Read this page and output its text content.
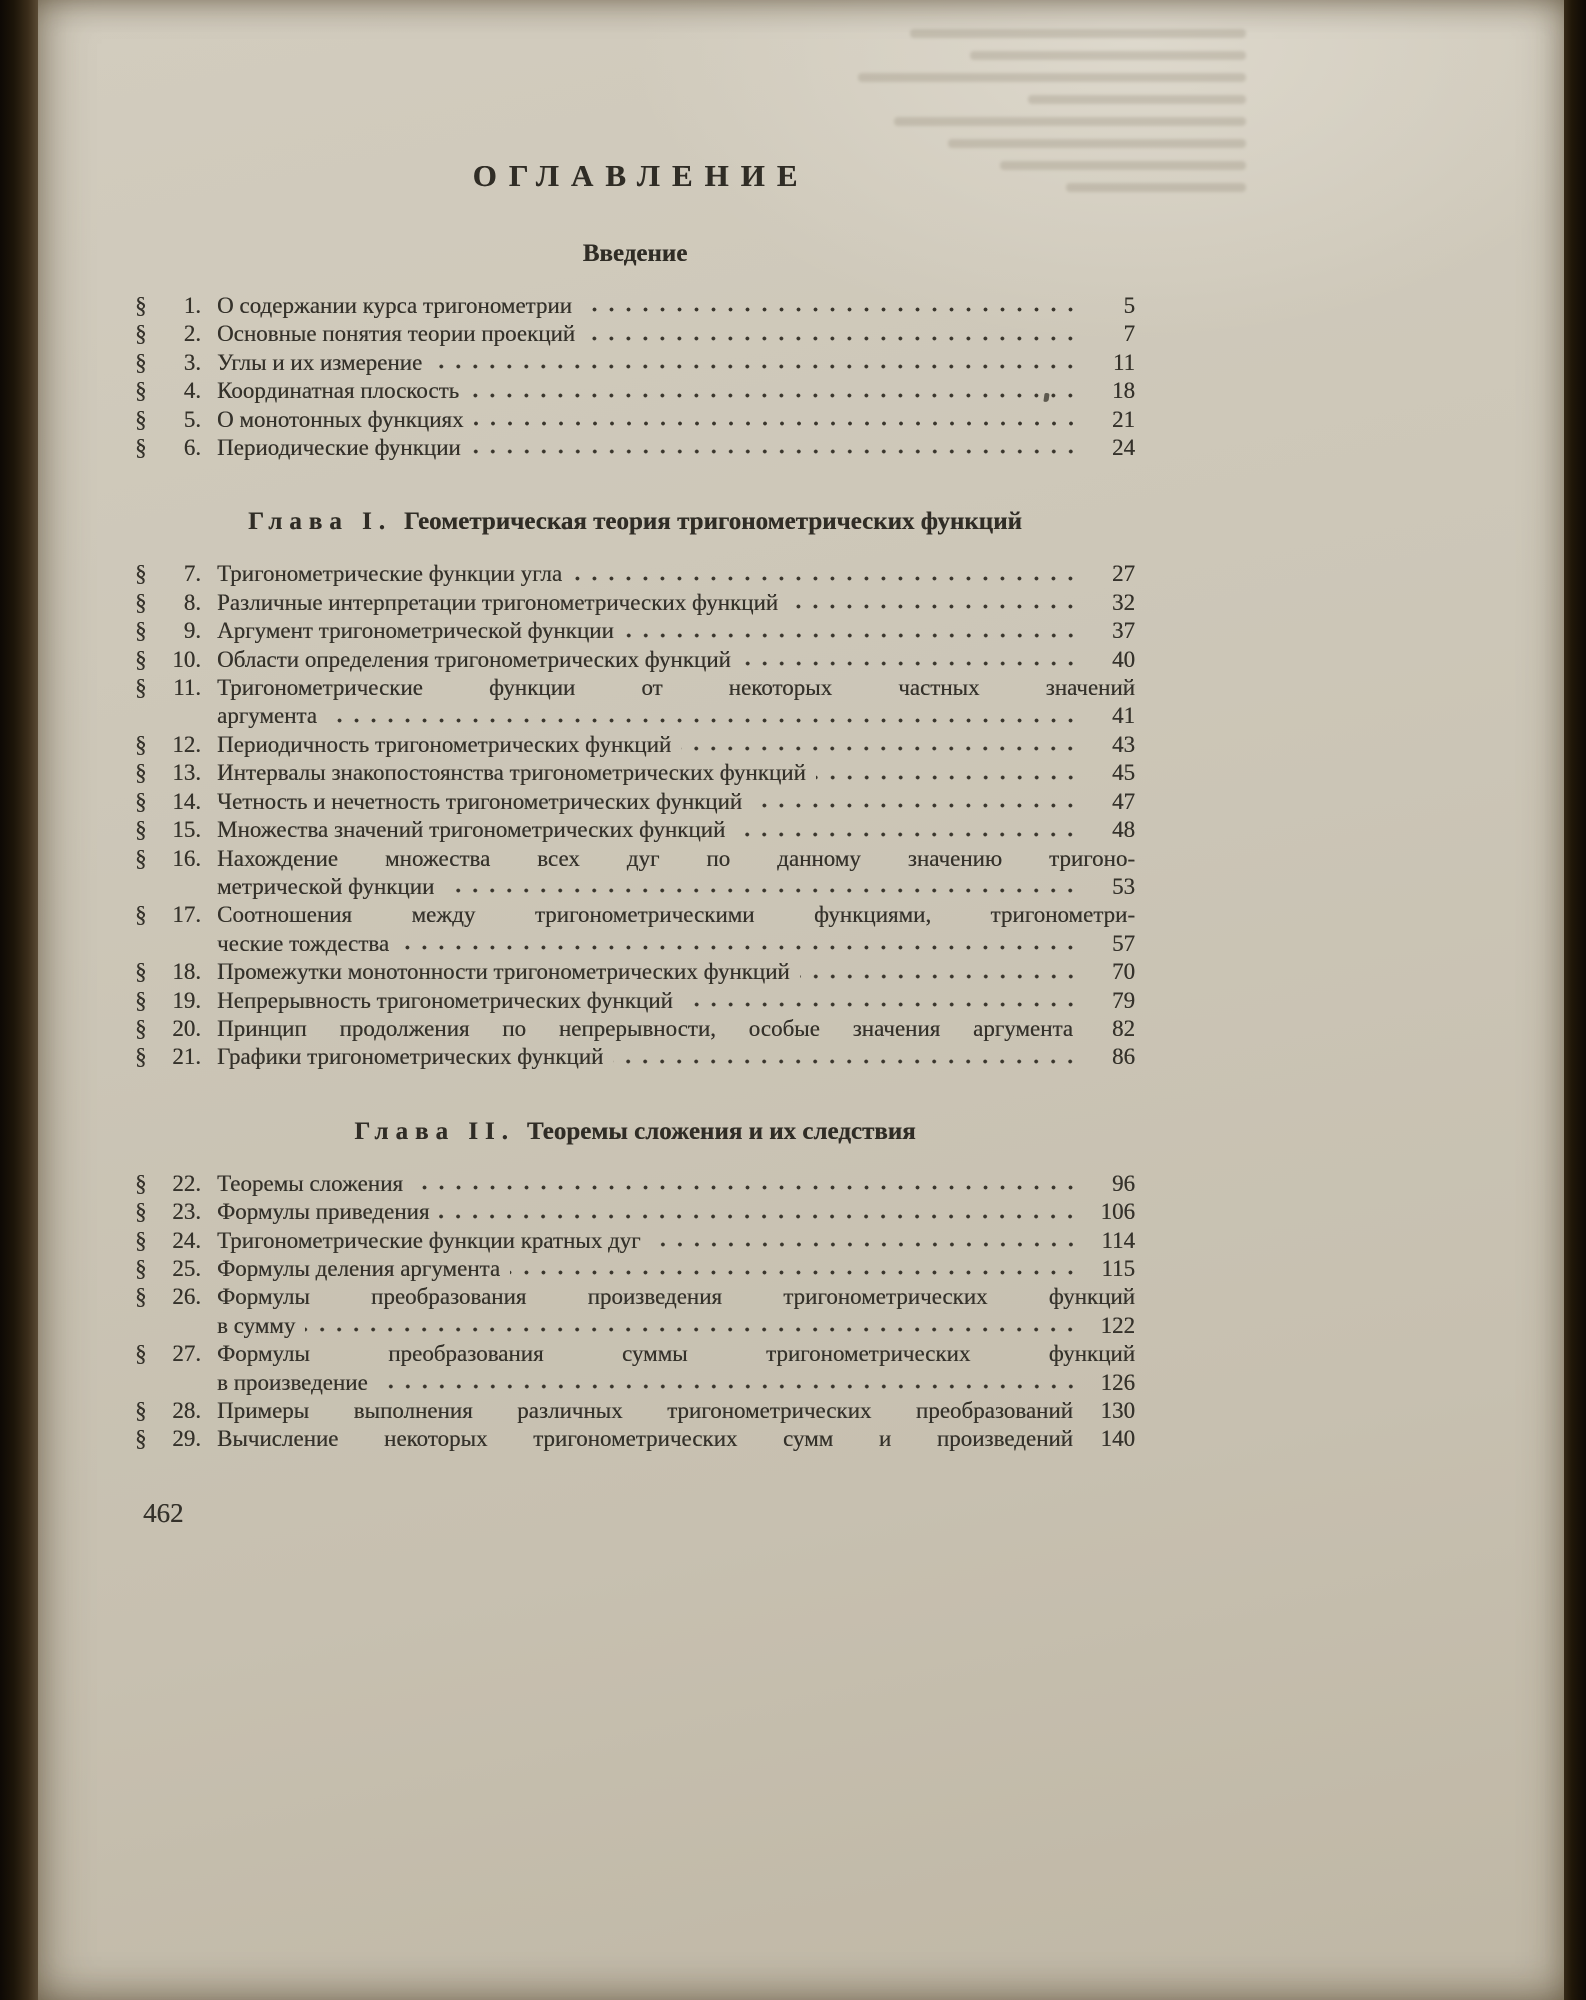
ОГЛАВЛЕНИЕ
Введение
§	1. О содержании курса тригонометрии	5
§	2. Основные понятия теории проекций	7
§	3. Углы и их измерение	11
§	4. Координатная плоскость	18
§	5. О монотонных функциях	21
§	6. Периодические функции	24
Глава I. Геометрическая теория тригонометрических функций
§	7. Тригонометрические функции угла	27
§	8. Различные интерпретации тригонометрических функций	32
§	9. Аргумент тригонометрической функции	37
§	10. Области определения тригонометрических функций	40
§	11. Тригонометрические функции от некоторых частных значений
аргумента	41
§	12. Периодичность тригонометрических функций	43
§	13. Интервалы знакопостоянства тригонометрических функций	45
§	14. Четность и нечетность тригонометрических функций	47
§	15. Множества значений тригонометрических функций	48
§	16. Нахождение множества всех дуг по данному значению тригоно-
метрической функции	53
§	17. Соотношения между тригонометрическими функциями, тригонометри-
ческие тождества	57
§	18. Промежутки монотонности тригонометрических функций	70
§	19. Непрерывность тригонометрических функций	79
§	20. Принцип продолжения по непрерывности, особые значения аргумента	82
§	21. Графики тригонометрических функций	86
Глава II. Теоремы сложения и их следствия
§	22. Теоремы сложения	96
§	23. Формулы приведения	106
§	24. Тригонометрические функции кратных дуг	114
§	25. Формулы деления аргумента	115
§	26. Формулы преобразования произведения тригонометрических функций
в сумму	122
§	27. Формулы преобразования суммы тригонометрических функций
в произведение	126
§	28. Примеры выполнения различных тригонометрических преобразований	130
§	29. Вычисление некоторых тригонометрических сумм и произведений	140
462
